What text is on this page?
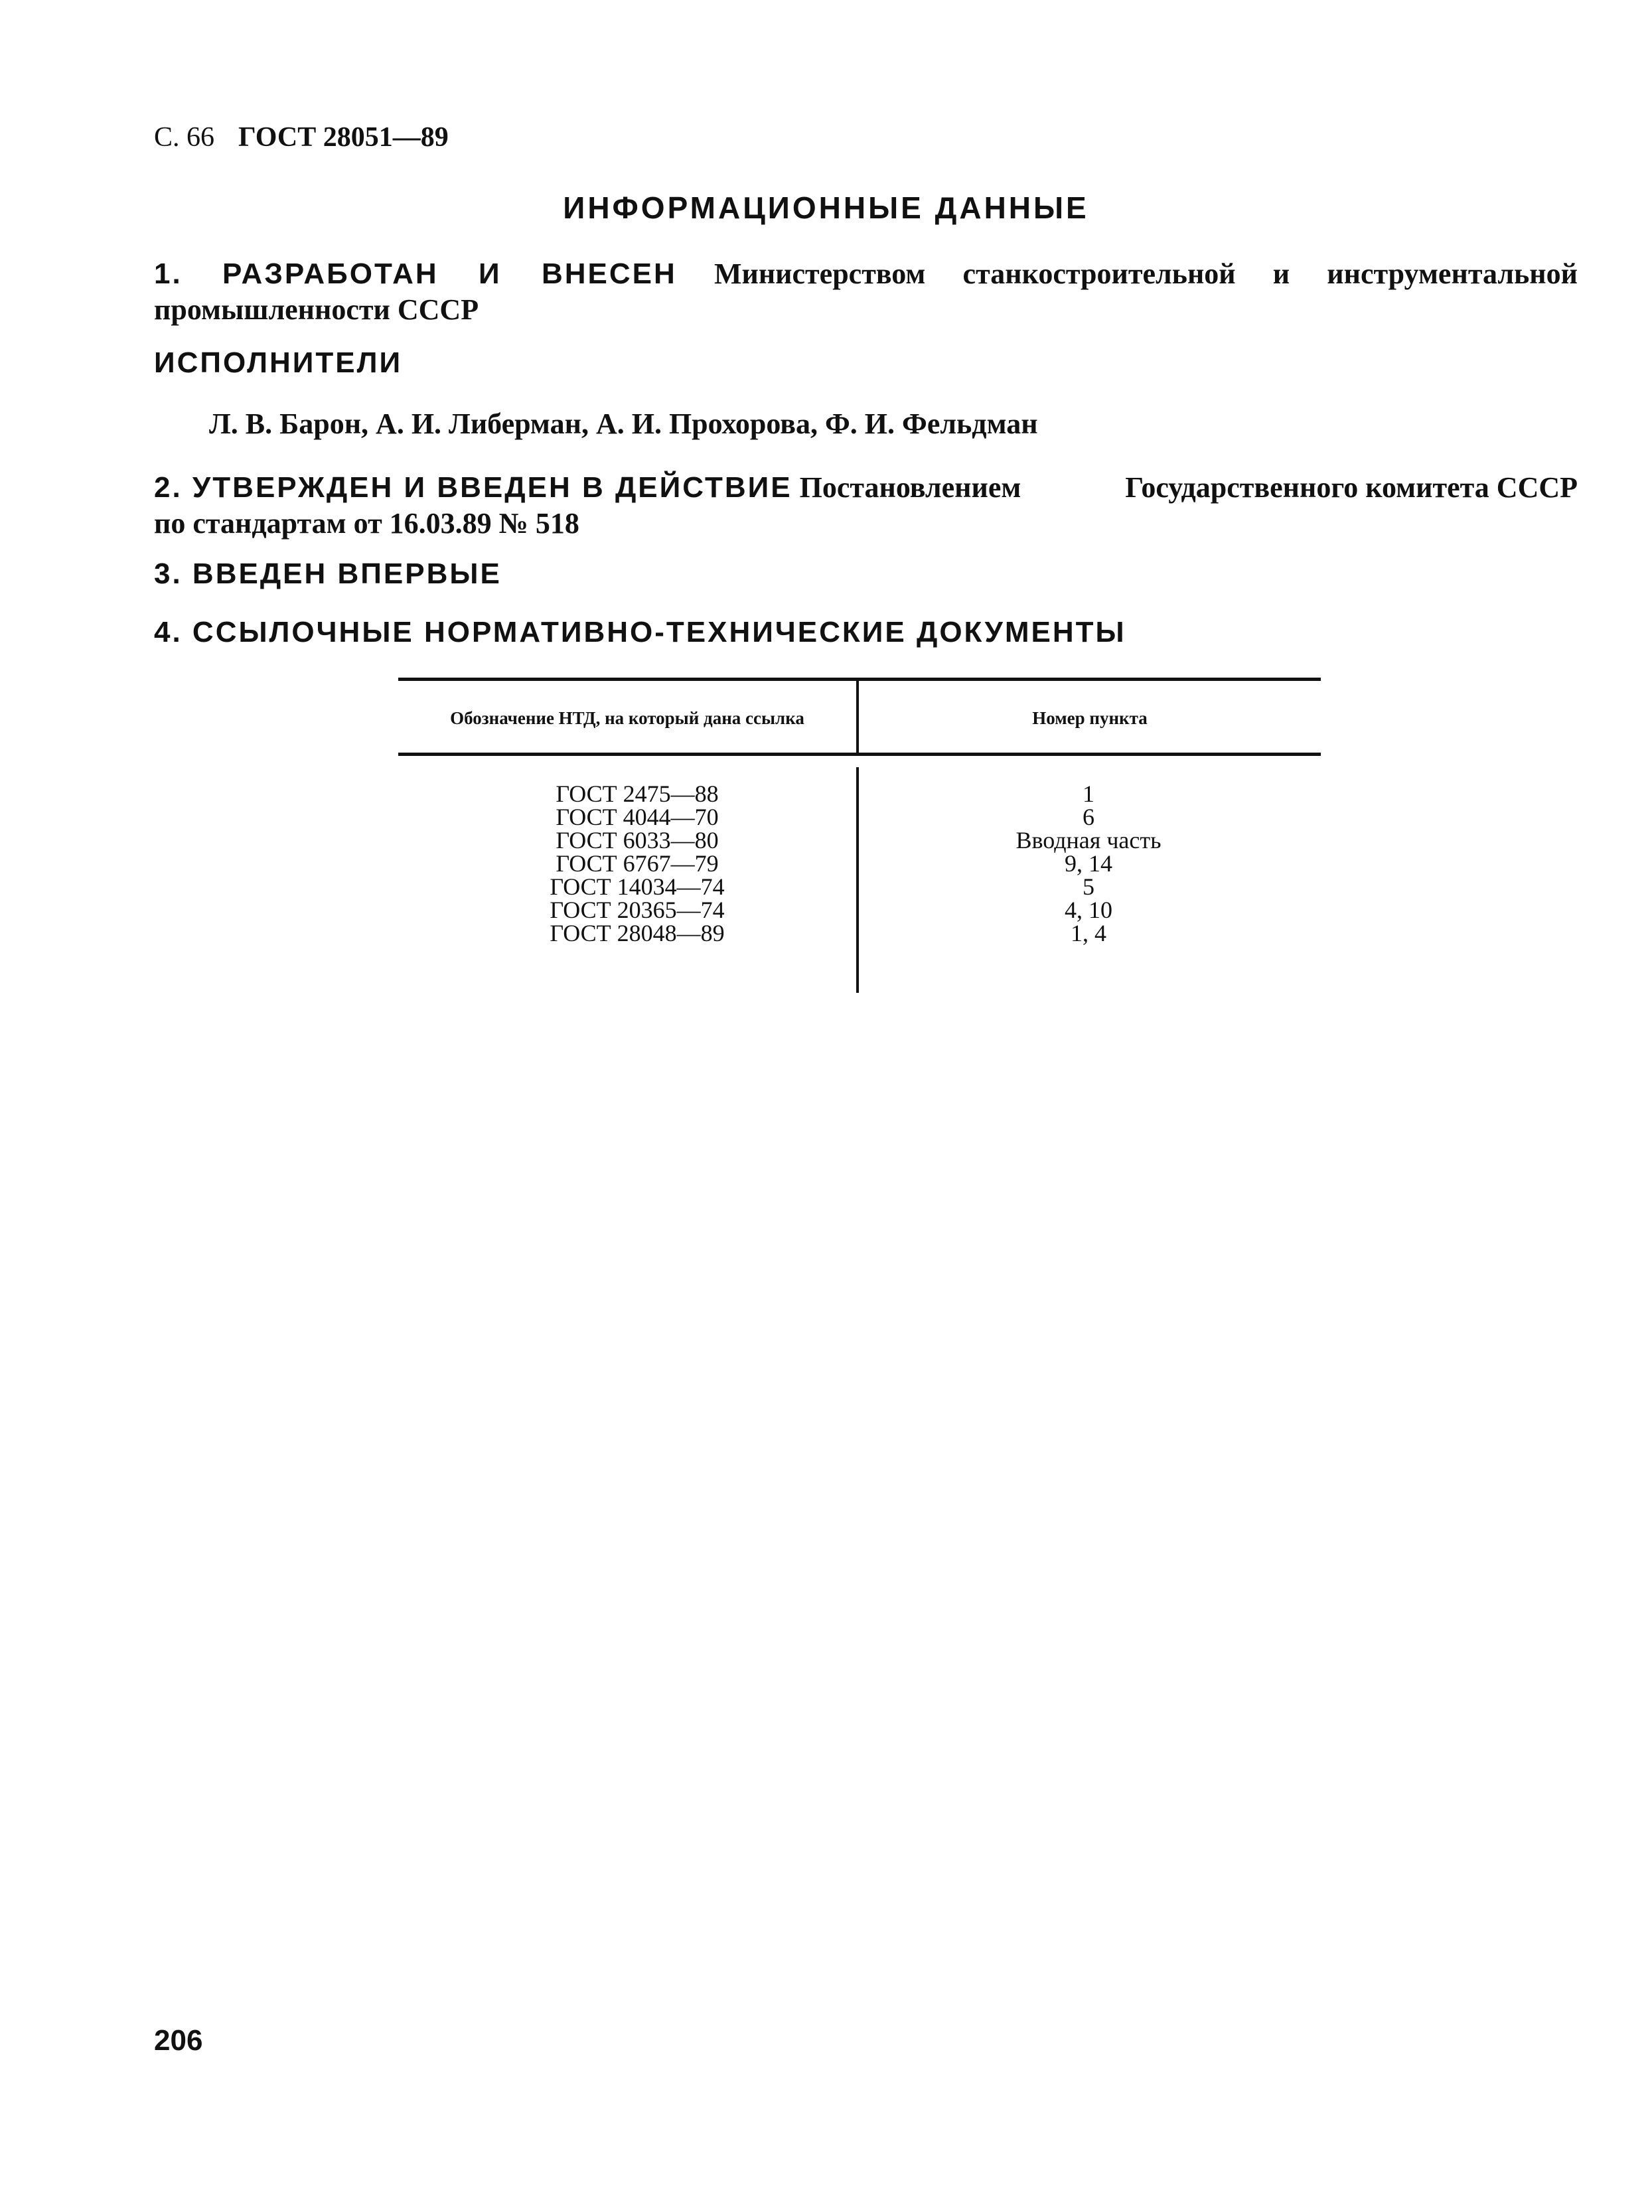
С. 66 ГОСТ 28051—89
ИНФОРМАЦИОННЫЕ ДАННЫЕ
1. РАЗРАБОТАН И ВНЕСЕН Министерством станкостроительной и инструментальной промышленности СССР
ИСПОЛНИТЕЛИ
Л. В. Барон, А. И. Либерман, А. И. Прохорова, Ф. И. Фельдман
2. УТВЕРЖДЕН И ВВЕДЕН В ДЕЙСТВИЕ Постановлением	Государственного комитета СССР
по стандартам от 16.03.89 № 518
3. ВВЕДЕН ВПЕРВЫЕ
4. ССЫЛОЧНЫЕ НОРМАТИВНО-ТЕХНИЧЕСКИЕ ДОКУМЕНТЫ
Обозначение НТД, на который дана ссылка	Номер пункта
ГОСТ 2475—88	1
ГОСТ 4044—70	6
ГОСТ 6033—80	Вводная часть
ГОСТ 6767—79	9, 14
ГОСТ 14034—74	5
ГОСТ 20365—74	4, 10
ГОСТ 28048—89	1, 4
206
